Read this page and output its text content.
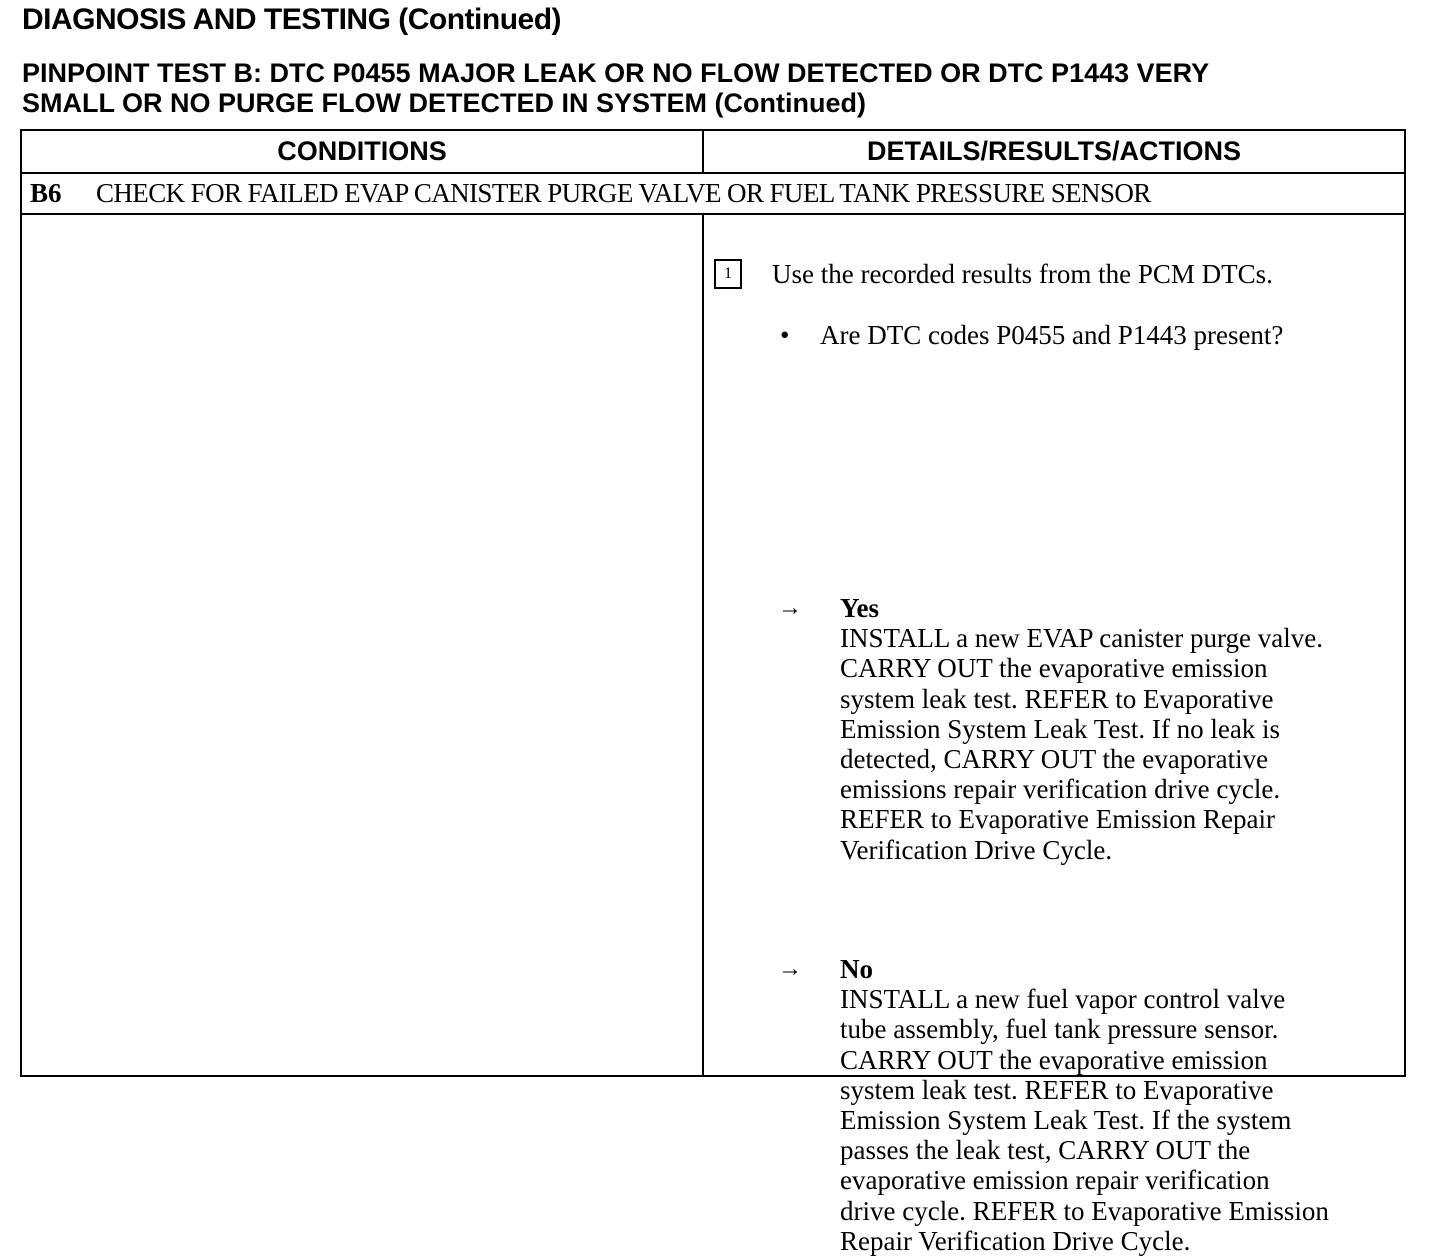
DIAGNOSIS AND TESTING (Continued)
PINPOINT TEST B: DTC P0455 MAJOR LEAK OR NO FLOW DETECTED OR DTC P1443 VERY
SMALL OR NO PURGE FLOW DETECTED IN SYSTEM (Continued)
CONDITIONS	DETAILS/RESULTS/ACTIONS
B6 CHECK FOR FAILED EVAP CANISTER PURGE VALVE OR FUEL TANK PRESSURE SENSOR
1	Use the recorded results from the PCM DTCs.
• Are DTC codes P0455 and P1443 present?
→ Yes
INSTALL a new EVAP canister purge valve.
CARRY OUT the evaporative emission
system leak test. REFER to Evaporative
Emission System Leak Test. If no leak is
detected, CARRY OUT the evaporative
emissions repair verification drive cycle.
REFER to Evaporative Emission Repair
Verification Drive Cycle.
→ No
INSTALL a new fuel vapor control valve
tube assembly, fuel tank pressure sensor.
CARRY OUT the evaporative emission
system leak test. REFER to Evaporative
Emission System Leak Test. If the system
passes the leak test, CARRY OUT the
evaporative emission repair verification
drive cycle. REFER to Evaporative Emission
Repair Verification Drive Cycle.
